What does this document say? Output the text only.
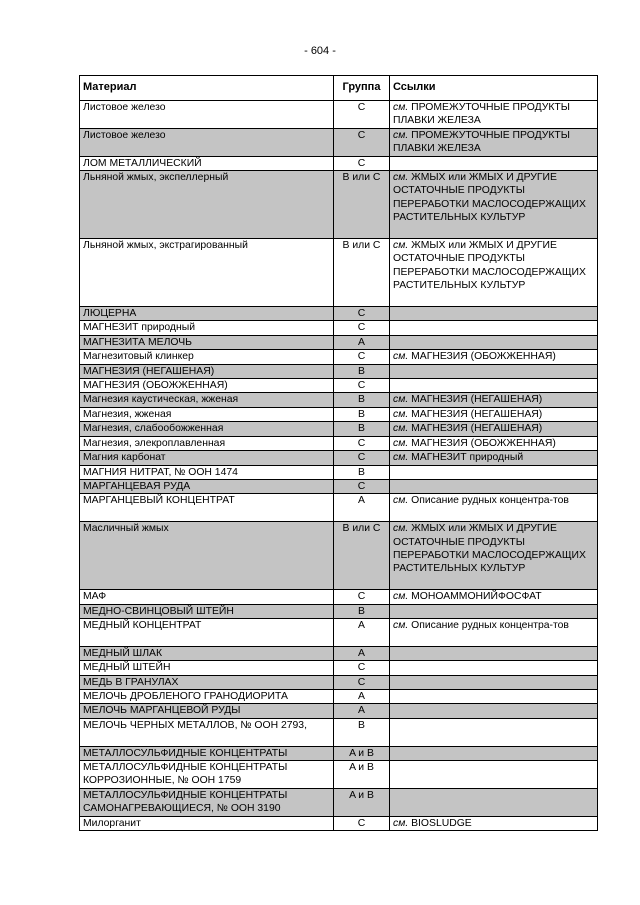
- 604 -
Материал	Группа	Ссылки
Листовое железо	C	см. ПРОМЕЖУТОЧНЫЕ ПРОДУКТЫ ПЛАВКИ ЖЕЛЕЗА
Листовое железо	C	см. ПРОМЕЖУТОЧНЫЕ ПРОДУКТЫ ПЛАВКИ ЖЕЛЕЗА
ЛОМ МЕТАЛЛИЧЕСКИЙ	C	
Льняной жмых, экспеллерный	B или C	см. ЖМЫХ или ЖМЫХ И ДРУГИЕ ОСТАТОЧНЫЕ ПРОДУКТЫ ПЕРЕРАБОТКИ МАСЛОСОДЕРЖАЩИХ РАСТИТЕЛЬНЫХ КУЛЬТУР
Льняной жмых, экстрагированный	B или C	см. ЖМЫХ или ЖМЫХ И ДРУГИЕ ОСТАТОЧНЫЕ ПРОДУКТЫ ПЕРЕРАБОТКИ МАСЛОСОДЕРЖАЩИХ РАСТИТЕЛЬНЫХ КУЛЬТУР
ЛЮЦЕРНА	C	
МАГНЕЗИТ природный	C	
МАГНЕЗИТА МЕЛОЧЬ	A	
Магнезитовый клинкер	C	см. МАГНЕЗИЯ (ОБОЖЖЕННАЯ)
МАГНЕЗИЯ (НЕГАШЕНАЯ)	B	
МАГНЕЗИЯ (ОБОЖЖЕННАЯ)	C	
Магнезия каустическая, жженая	B	см. МАГНЕЗИЯ (НЕГАШЕНАЯ)
Магнезия, жженая	B	см. МАГНЕЗИЯ (НЕГАШЕНАЯ)
Магнезия, слабообожженная	B	см. МАГНЕЗИЯ (НЕГАШЕНАЯ)
Магнезия, элекроплавленная	C	см. МАГНЕЗИЯ (ОБОЖЖЕННАЯ)
Магния карбонат	C	см. МАГНЕЗИТ природный
МАГНИЯ НИТРАТ, № ООН 1474	B	
МАРГАНЦЕВАЯ РУДА	C	
МАРГАНЦЕВЫЙ КОНЦЕНТРАТ	A	см. Описание рудных концентра-тов
Масличный жмых	B или C	см. ЖМЫХ или ЖМЫХ И ДРУГИЕ ОСТАТОЧНЫЕ ПРОДУКТЫ ПЕРЕРАБОТКИ МАСЛОСОДЕРЖАЩИХ РАСТИТЕЛЬНЫХ КУЛЬТУР
МАФ	C	см. МОНОАММОНИЙФОСФАТ
МЕДНО-СВИНЦОВЫЙ ШТЕЙН	B	
МЕДНЫЙ КОНЦЕНТРАТ	A	см. Описание рудных концентра-тов
МЕДНЫЙ ШЛАК	A	
МЕДНЫЙ ШТЕЙН	C	
МЕДЬ В ГРАНУЛАХ	C	
МЕЛОЧЬ ДРОБЛЕНОГО ГРАНОДИОРИТА	A	
МЕЛОЧЬ МАРГАНЦЕВОЙ РУДЫ	A	
МЕЛОЧЬ ЧЕРНЫХ МЕТАЛЛОВ, № ООН 2793,	B	
МЕТАЛЛОСУЛЬФИДНЫЕ КОНЦЕНТРАТЫ	A и B	
МЕТАЛЛОСУЛЬФИДНЫЕ КОНЦЕНТРАТЫ КОРРОЗИОННЫЕ, № ООН 1759	A и B	
МЕТАЛЛОСУЛЬФИДНЫЕ КОНЦЕНТРАТЫ САМОНАГРЕВАЮЩИЕСЯ, № ООН 3190	A и B	
Милорганит	C	см. BIOSLUDGE
